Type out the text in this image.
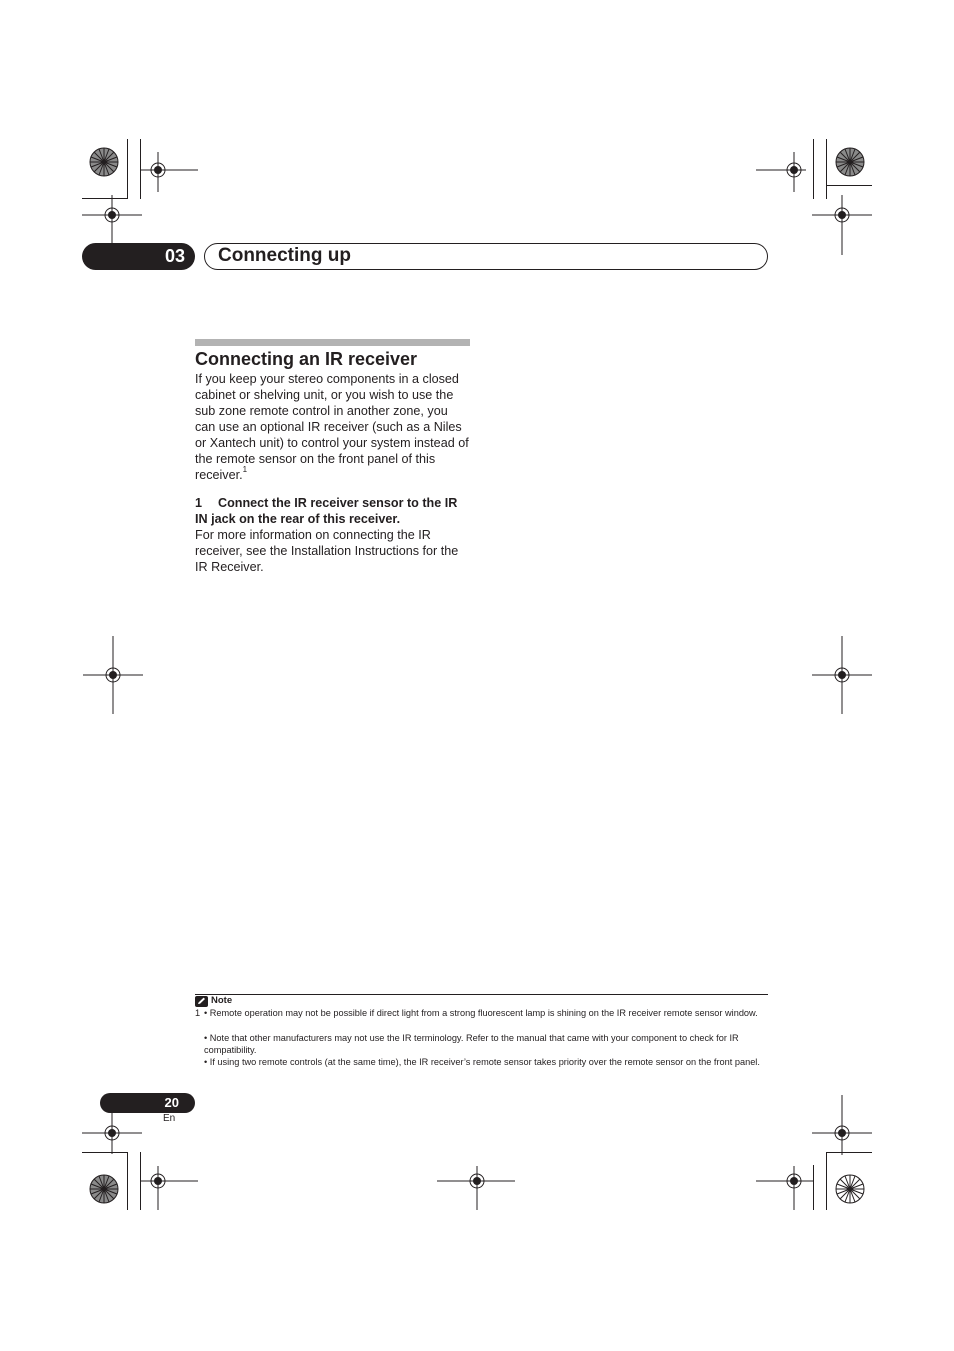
03	Connecting up
Connecting an IR receiver
If you keep your stereo components in a closed cabinet or shelving unit, or you wish to use the sub zone remote control in another zone, you can use an optional IR receiver (such as a Niles or Xantech unit) to control your system instead of the remote sensor on the front panel of this receiver.$^1$
1 Connect the IR receiver sensor to the IR IN jack on the rear of this receiver.
For more information on connecting the IR receiver, see the Installation Instructions for the IR Receiver.
Note
1 • Remote operation may not be possible if direct light from a strong fluorescent lamp is shining on the IR receiver remote sensor window.
• Note that other manufacturers may not use the IR terminology. Refer to the manual that came with your component to check for IR compatibility.
• If using two remote controls (at the same time), the IR receiver’s remote sensor takes priority over the remote sensor on the front panel.
20
En
